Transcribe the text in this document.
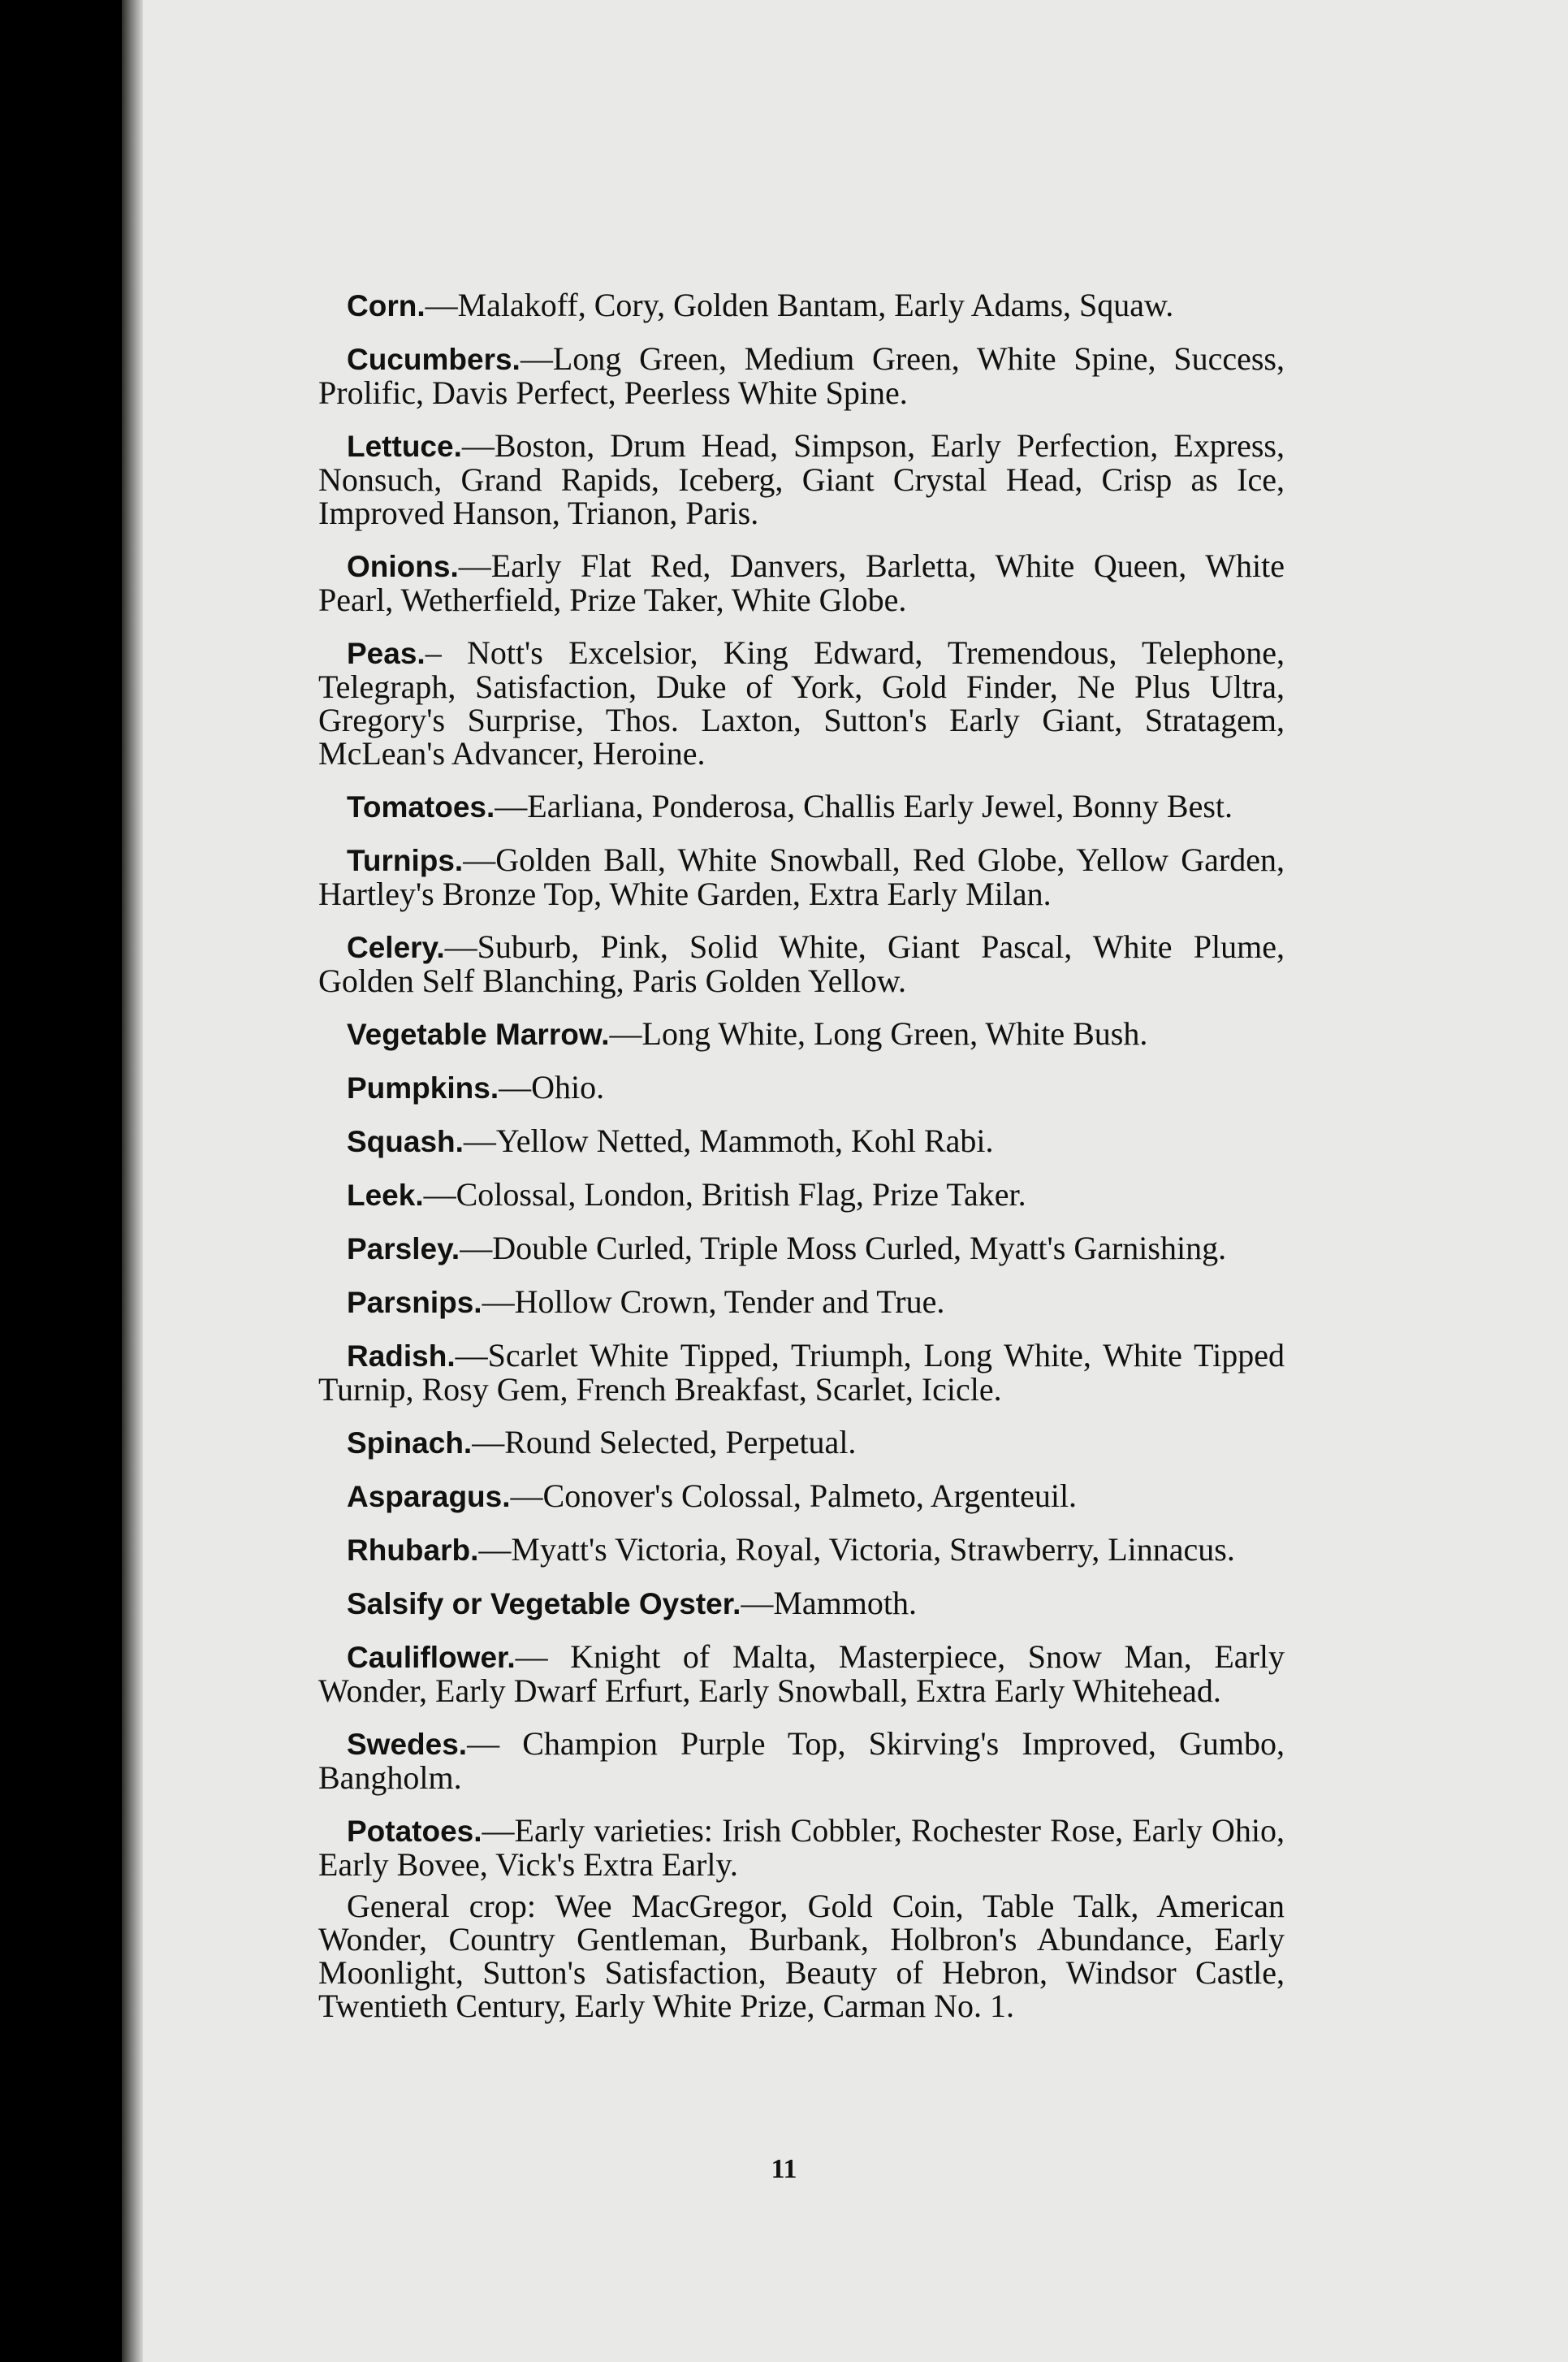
Corn.—Malakoff, Cory, Golden Bantam, Early Adams, Squaw.

Cucumbers.—Long Green, Medium Green, White Spine, Success, Prolific, Davis Perfect, Peerless White Spine.

Lettuce.—Boston, Drum Head, Simpson, Early Perfection, Express, Nonsuch, Grand Rapids, Iceberg, Giant Crystal Head, Crisp as Ice, Improved Hanson, Trianon, Paris.

Onions.—Early Flat Red, Danvers, Barletta, White Queen, White Pearl, Wetherfield, Prize Taker, White Globe.

Peas.– Nott's Excelsior, King Edward, Tremendous, Telephone, Telegraph, Satisfaction, Duke of York, Gold Finder, Ne Plus Ultra, Gregory's Surprise, Thos. Laxton, Sutton's Early Giant, Stratagem, McLean's Advancer, Heroine.

Tomatoes.—Earliana, Ponderosa, Challis Early Jewel, Bonny Best.

Turnips.—Golden Ball, White Snowball, Red Globe, Yellow Garden, Hartley's Bronze Top, White Garden, Extra Early Milan.

Celery.—Suburb, Pink, Solid White, Giant Pascal, White Plume, Golden Self Blanching, Paris Golden Yellow.

Vegetable Marrow.—Long White, Long Green, White Bush.

Pumpkins.—Ohio.

Squash.—Yellow Netted, Mammoth, Kohl Rabi.

Leek.—Colossal, London, British Flag, Prize Taker.

Parsley.—Double Curled, Triple Moss Curled, Myatt's Garnishing.

Parsnips.—Hollow Crown, Tender and True.

Radish.—Scarlet White Tipped, Triumph, Long White, White Tipped Turnip, Rosy Gem, French Breakfast, Scarlet, Icicle.

Spinach.—Round Selected, Perpetual.

Asparagus.—Conover's Colossal, Palmeto, Argenteuil.

Rhubarb.—Myatt's Victoria, Royal, Victoria, Strawberry, Linnacus.

Salsify or Vegetable Oyster.—Mammoth.

Cauliflower.— Knight of Malta, Masterpiece, Snow Man, Early Wonder, Early Dwarf Erfurt, Early Snowball, Extra Early Whitehead.

Swedes.— Champion Purple Top, Skirving's Improved, Gumbo, Bangholm.

Potatoes.—Early varieties: Irish Cobbler, Rochester Rose, Early Ohio, Early Bovee, Vick's Extra Early.

General crop: Wee MacGregor, Gold Coin, Table Talk, American Wonder, Country Gentleman, Burbank, Holbron's Abundance, Early Moonlight, Sutton's Satisfaction, Beauty of Hebron, Windsor Castle, Twentieth Century, Early White Prize, Carman No. 1.

11
